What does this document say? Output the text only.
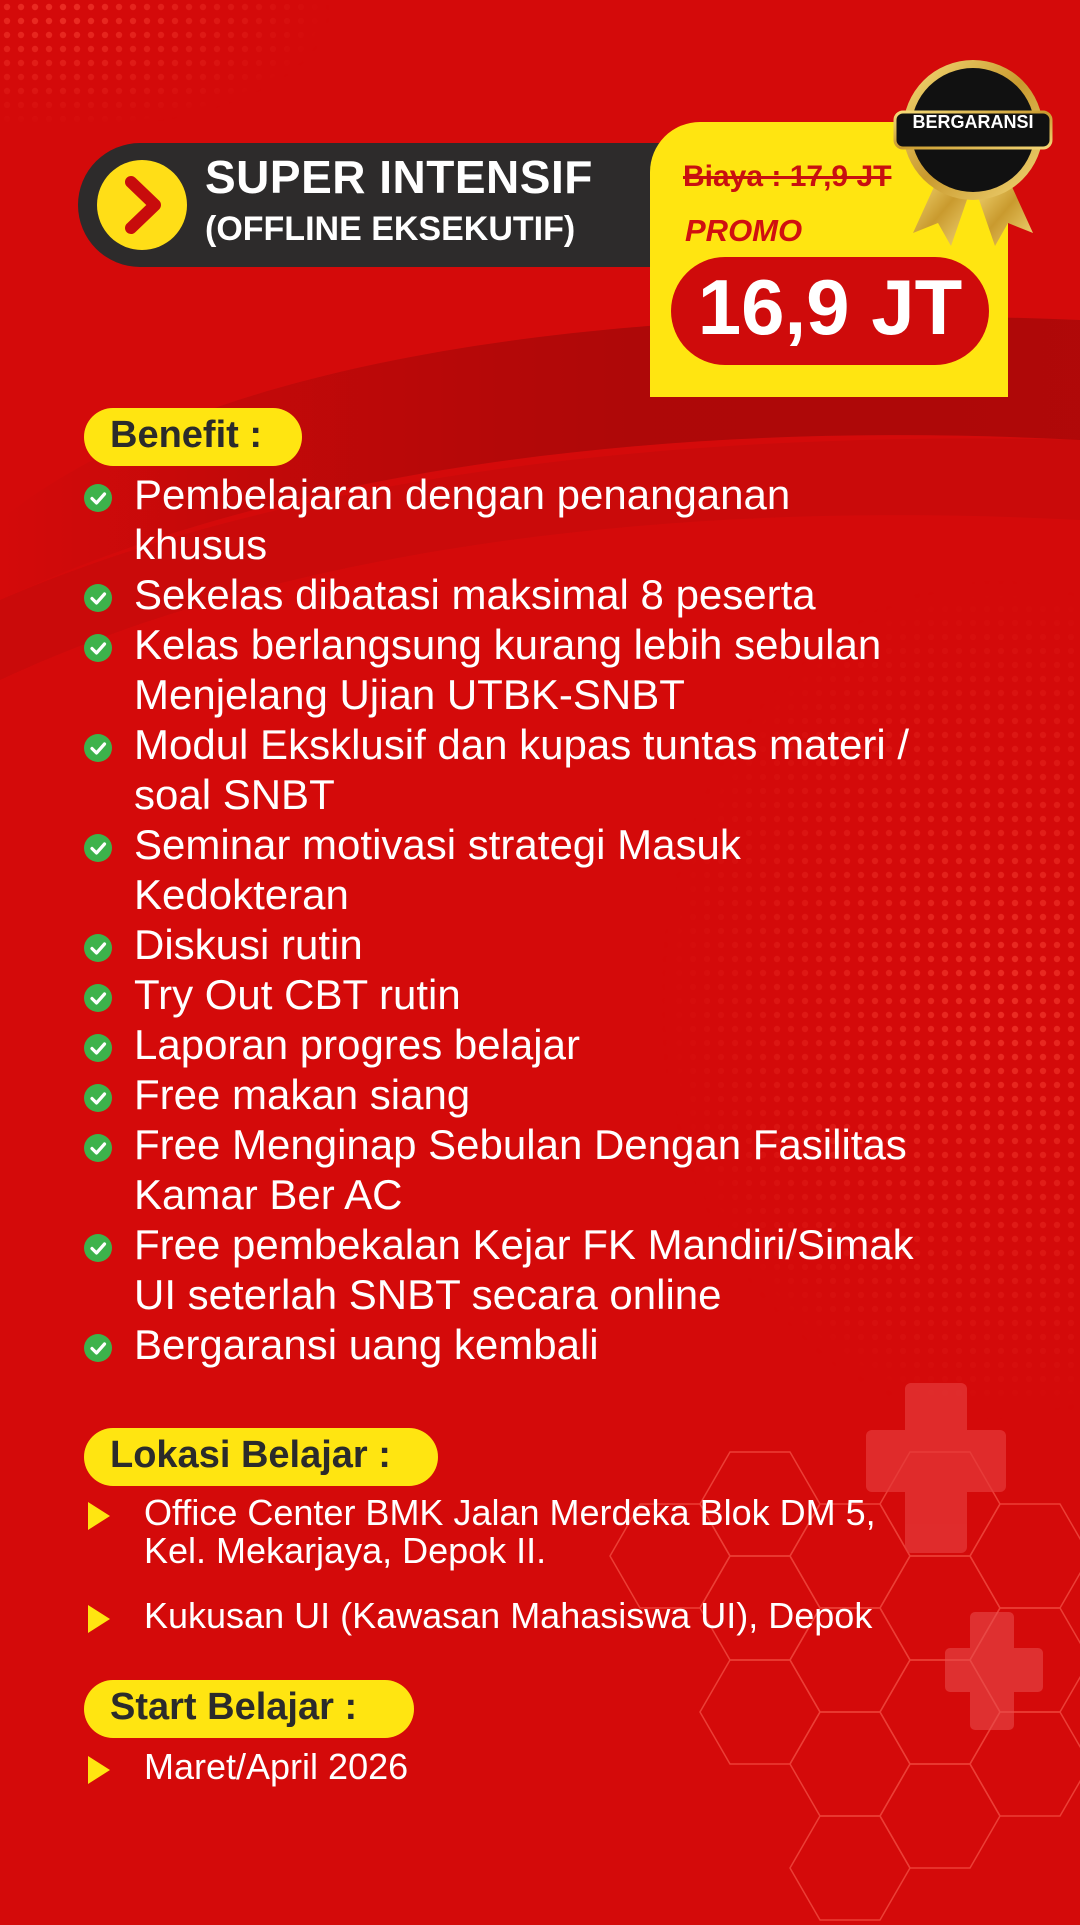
SUPER INTENSIF
(OFFLINE EKSEKUTIF)
Biaya : 17,9 JT
PROMO
16,9 JT
BERGARANSI
Benefit :
Pembelajaran dengan penanganan
khusus
Sekelas dibatasi maksimal 8 peserta
Kelas berlangsung kurang lebih sebulan
Menjelang Ujian UTBK-SNBT
Modul Eksklusif dan kupas tuntas materi /
soal SNBT
Seminar motivasi strategi Masuk
Kedokteran
Diskusi rutin
Try Out CBT rutin
Laporan progres belajar
Free makan siang
Free Menginap Sebulan Dengan Fasilitas
Kamar Ber AC
Free pembekalan Kejar FK Mandiri/Simak
UI seterlah SNBT secara online
Bergaransi uang kembali
Lokasi Belajar :
Office Center BMK Jalan Merdeka Blok DM 5,
Kel. Mekarjaya, Depok II.
Kukusan UI (Kawasan Mahasiswa UI), Depok
Start Belajar :
Maret/April 2026
